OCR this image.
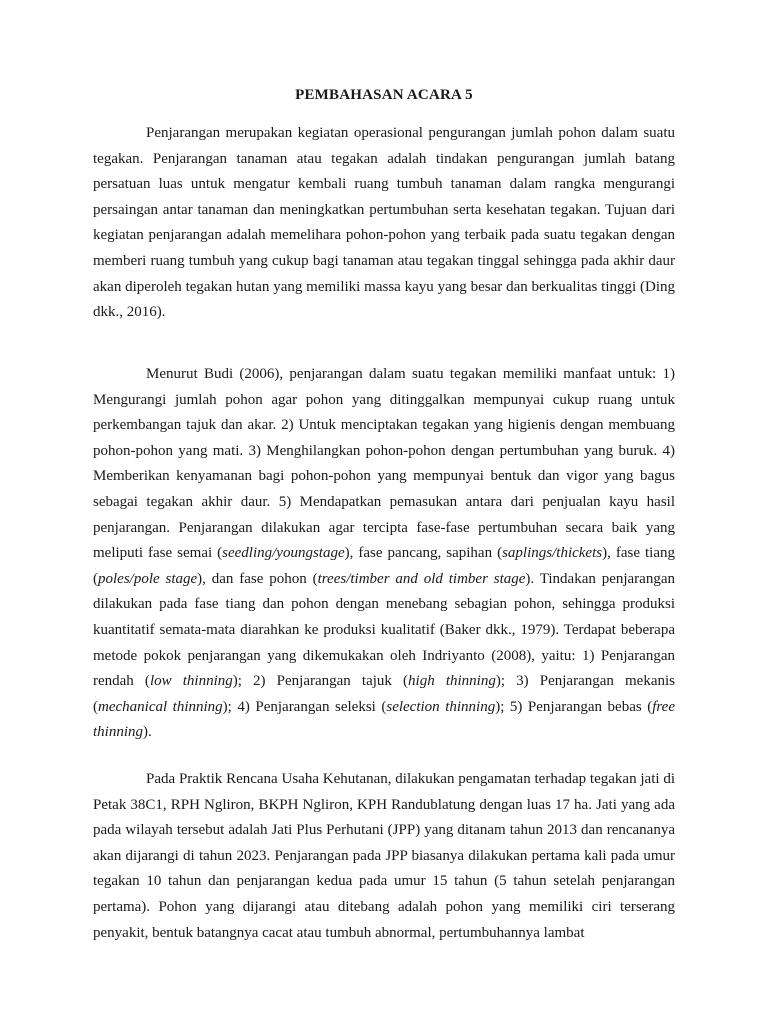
PEMBAHASAN ACARA 5

Penjarangan merupakan kegiatan operasional pengurangan jumlah pohon dalam suatu tegakan. Penjarangan tanaman atau tegakan adalah tindakan pengurangan jumlah batang persatuan luas untuk mengatur kembali ruang tumbuh tanaman dalam rangka mengurangi persaingan antar tanaman dan meningkatkan pertumbuhan serta kesehatan tegakan. Tujuan dari kegiatan penjarangan adalah memelihara pohon-pohon yang terbaik pada suatu tegakan dengan memberi ruang tumbuh yang cukup bagi tanaman atau tegakan tinggal sehingga pada akhir daur akan diperoleh tegakan hutan yang memiliki massa kayu yang besar dan berkualitas tinggi (Ding dkk., 2016).

Menurut Budi (2006), penjarangan dalam suatu tegakan memiliki manfaat untuk: 1) Mengurangi jumlah pohon agar pohon yang ditinggalkan mempunyai cukup ruang untuk perkembangan tajuk dan akar. 2) Untuk menciptakan tegakan yang higienis dengan membuang pohon-pohon yang mati. 3) Menghilangkan pohon-pohon dengan pertumbuhan yang buruk. 4) Memberikan kenyamanan bagi pohon-pohon yang mempunyai bentuk dan vigor yang bagus sebagai tegakan akhir daur. 5) Mendapatkan pemasukan antara dari penjualan kayu hasil penjarangan. Penjarangan dilakukan agar tercipta fase-fase pertumbuhan secara baik yang meliputi fase semai (seedling/youngstage), fase pancang, sapihan (saplings/thickets), fase tiang (poles/pole stage), dan fase pohon (trees/timber and old timber stage). Tindakan penjarangan dilakukan pada fase tiang dan pohon dengan menebang sebagian pohon, sehingga produksi kuantitatif semata-mata diarahkan ke produksi kualitatif (Baker dkk., 1979). Terdapat beberapa metode pokok penjarangan yang dikemukakan oleh Indriyanto (2008), yaitu: 1) Penjarangan rendah (low thinning); 2) Penjarangan tajuk (high thinning); 3) Penjarangan mekanis (mechanical thinning); 4) Penjarangan seleksi (selection thinning); 5) Penjarangan bebas (free thinning).

Pada Praktik Rencana Usaha Kehutanan, dilakukan pengamatan terhadap tegakan jati di Petak 38C1, RPH Ngliron, BKPH Ngliron, KPH Randublatung dengan luas 17 ha. Jati yang ada pada wilayah tersebut adalah Jati Plus Perhutani (JPP) yang ditanam tahun 2013 dan rencananya akan dijarangi di tahun 2023. Penjarangan pada JPP biasanya dilakukan pertama kali pada umur tegakan 10 tahun dan penjarangan kedua pada umur 15 tahun (5 tahun setelah penjarangan pertama). Pohon yang dijarangi atau ditebang adalah pohon yang memiliki ciri terserang penyakit, bentuk batangnya cacat atau tumbuh abnormal, pertumbuhannya lambat
